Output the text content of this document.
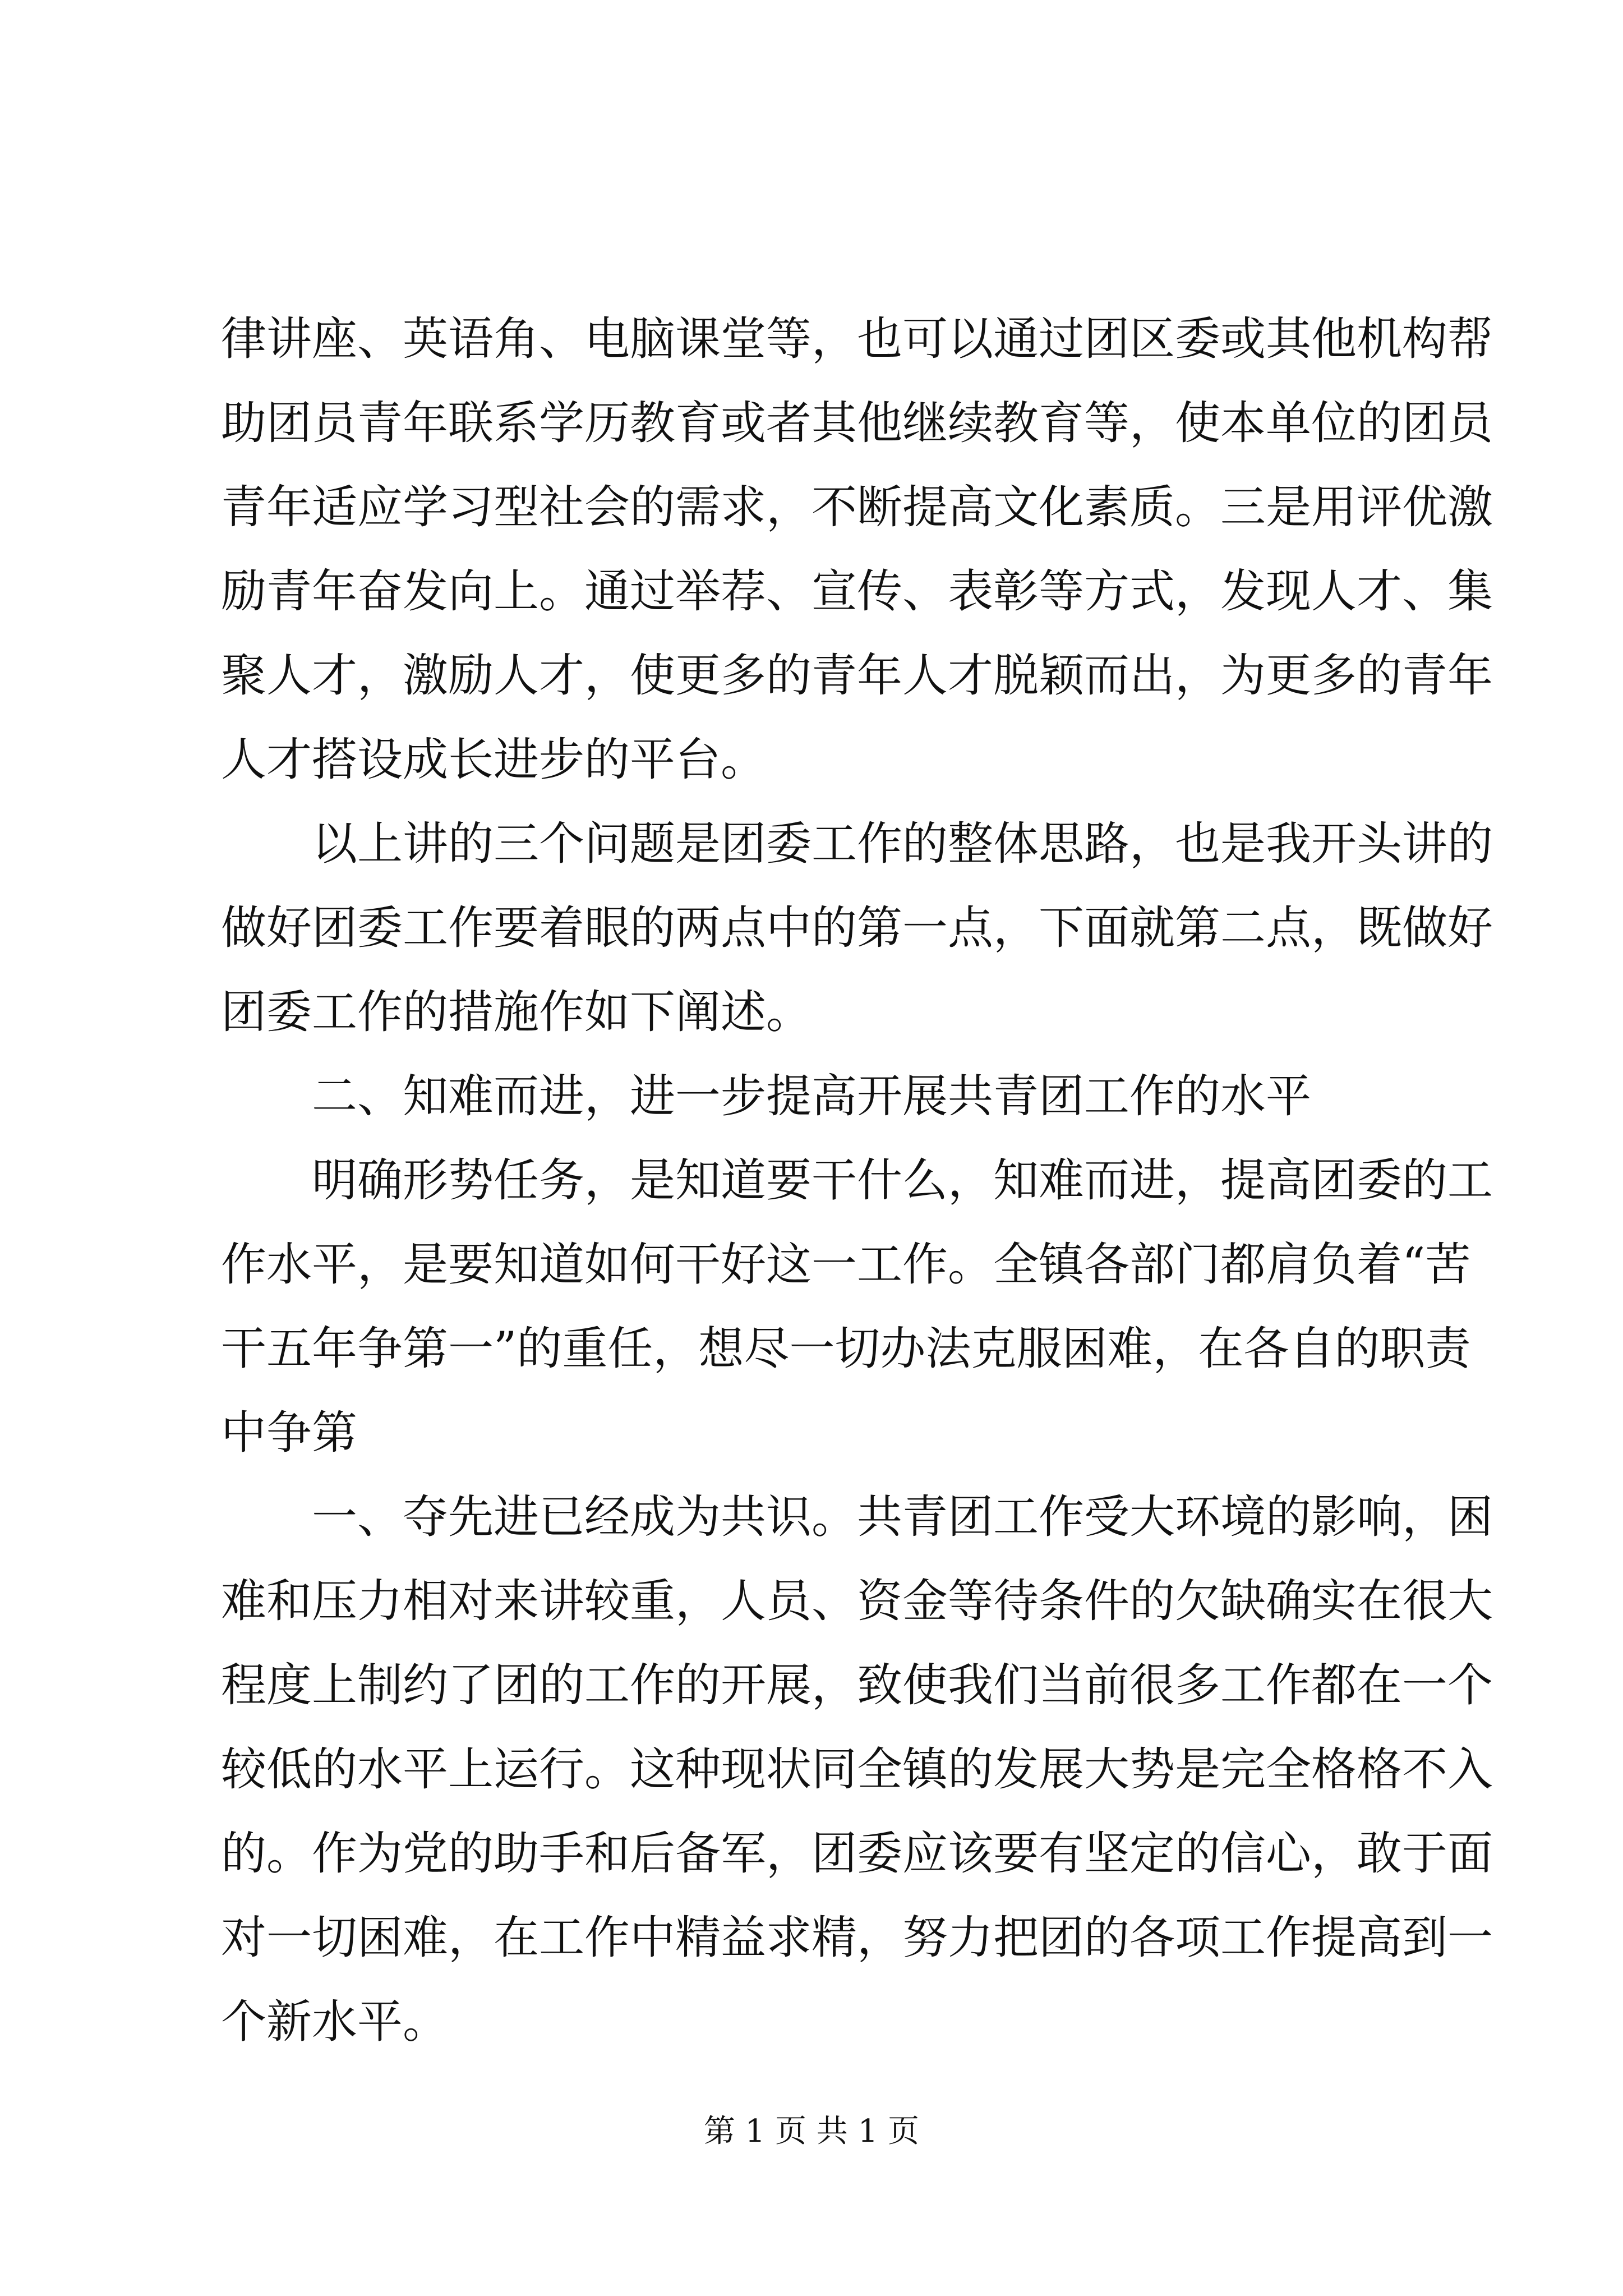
律讲座、英语角、电脑课堂等，也可以通过团区委或其他机构帮
助团员青年联系学历教育或者其他继续教育等，使本单位的团员
青年适应学习型社会的需求，不断提高文化素质。三是用评优激
励青年奋发向上。通过举荐、宣传、表彰等方式，发现人才、集
聚人才，激励人才，使更多的青年人才脱颖而出，为更多的青年
人才搭设成长进步的平台。
以上讲的三个问题是团委工作的整体思路，也是我开头讲的
做好团委工作要着眼的两点中的第一点，下面就第二点，既做好
团委工作的措施作如下阐述。
二、知难而进，进一步提高开展共青团工作的水平
明确形势任务，是知道要干什么，知难而进，提高团委的工
作水平，是要知道如何干好这一工作。全镇各部门都肩负着“苦
干五年争第一”的重任，想尽一切办法克服困难，在各自的职责
中争第
一、夺先进已经成为共识。共青团工作受大环境的影响，困
难和压力相对来讲较重，人员、资金等待条件的欠缺确实在很大
程度上制约了团的工作的开展，致使我们当前很多工作都在一个
较低的水平上运行。这种现状同全镇的发展大势是完全格格不入
的。作为党的助手和后备军，团委应该要有坚定的信心，敢于面
对一切困难，在工作中精益求精，努力把团的各项工作提高到一
个新水平。
第 1 页 共 1 页
